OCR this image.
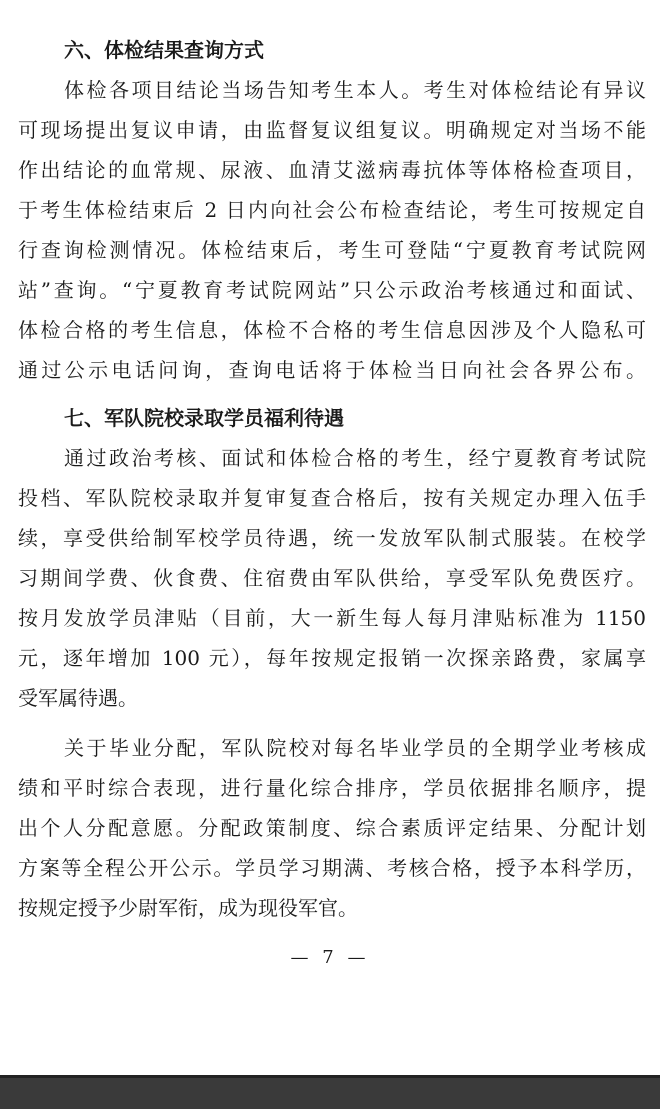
六、体检结果查询方式
体检各项目结论当场告知考生本人。考生对体检结论有异议
可现场提出复议申请，由监督复议组复议。明确规定对当场不能
作出结论的血常规、尿液、血清艾滋病毒抗体等体格检查项目，
于考生体检结束后 2 日内向社会公布检查结论，考生可按规定自
行查询检测情况。体检结束后，考生可登陆“宁夏教育考试院网
站”查询。“宁夏教育考试院网站”只公示政治考核通过和面试、
体检合格的考生信息，体检不合格的考生信息因涉及个人隐私可
通过公示电话问询，查询电话将于体检当日向社会各界公布。
七、军队院校录取学员福利待遇
通过政治考核、面试和体检合格的考生，经宁夏教育考试院
投档、军队院校录取并复审复查合格后，按有关规定办理入伍手
续，享受供给制军校学员待遇，统一发放军队制式服装。在校学
习期间学费、伙食费、住宿费由军队供给，享受军队免费医疗。
按月发放学员津贴（目前，大一新生每人每月津贴标准为 1150
元，逐年增加 100 元），每年按规定报销一次探亲路费，家属享
受军属待遇。
关于毕业分配，军队院校对每名毕业学员的全期学业考核成
绩和平时综合表现，进行量化综合排序，学员依据排名顺序，提
出个人分配意愿。分配政策制度、综合素质评定结果、分配计划
方案等全程公开公示。学员学习期满、考核合格，授予本科学历，
按规定授予少尉军衔，成为现役军官。
— 7 —
